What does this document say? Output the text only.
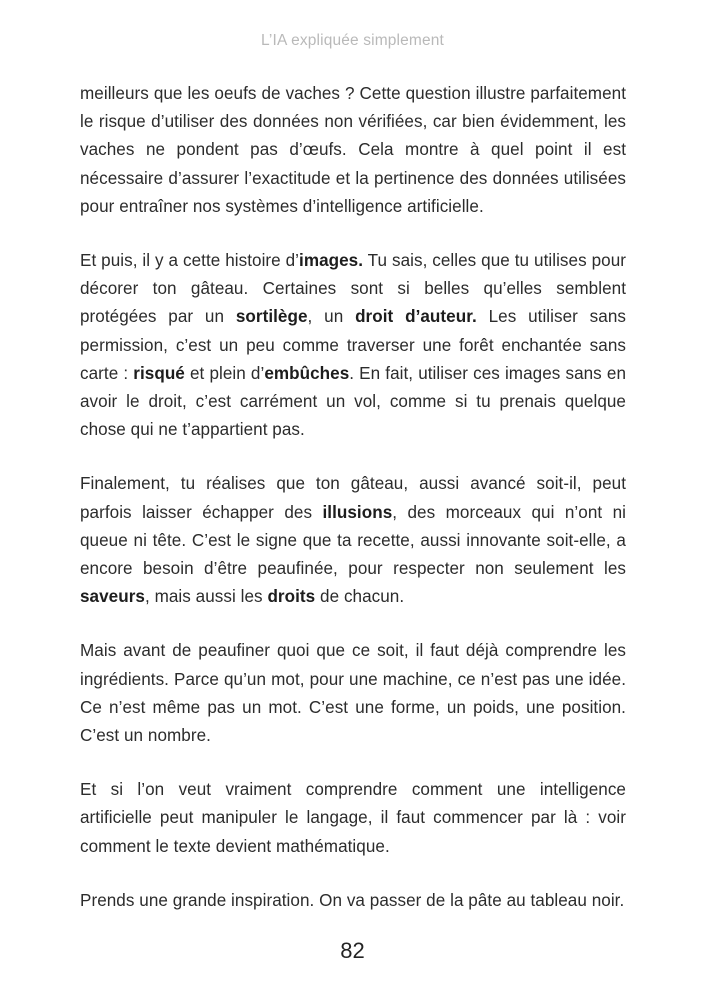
L’IA expliquée simplement

meilleurs que les oeufs de vaches ? Cette question illustre parfaitement le risque d’utiliser des données non vérifiées, car bien évidemment, les vaches ne pondent pas d’œufs. Cela montre à quel point il est nécessaire d’assurer l’exactitude et la pertinence des données utilisées pour entraîner nos systèmes d’intelligence artificielle.

Et puis, il y a cette histoire d’images. Tu sais, celles que tu utilises pour décorer ton gâteau. Certaines sont si belles qu’elles semblent protégées par un sortilège, un droit d’auteur. Les utiliser sans permission, c’est un peu comme traverser une forêt enchantée sans carte : risqué et plein d’embûches. En fait, utiliser ces images sans en avoir le droit, c’est carrément un vol, comme si tu prenais quelque chose qui ne t’appartient pas.

Finalement, tu réalises que ton gâteau, aussi avancé soit-il, peut parfois laisser échapper des illusions, des morceaux qui n’ont ni queue ni tête. C’est le signe que ta recette, aussi innovante soit-elle, a encore besoin d’être peaufinée, pour respecter non seulement les saveurs, mais aussi les droits de chacun.

Mais avant de peaufiner quoi que ce soit, il faut déjà comprendre les ingrédients. Parce qu’un mot, pour une machine, ce n’est pas une idée. Ce n’est même pas un mot. C’est une forme, un poids, une position. C’est un nombre.

Et si l’on veut vraiment comprendre comment une intelligence artificielle peut manipuler le langage, il faut commencer par là : voir comment le texte devient mathématique.

Prends une grande inspiration. On va passer de la pâte au tableau noir.

82
